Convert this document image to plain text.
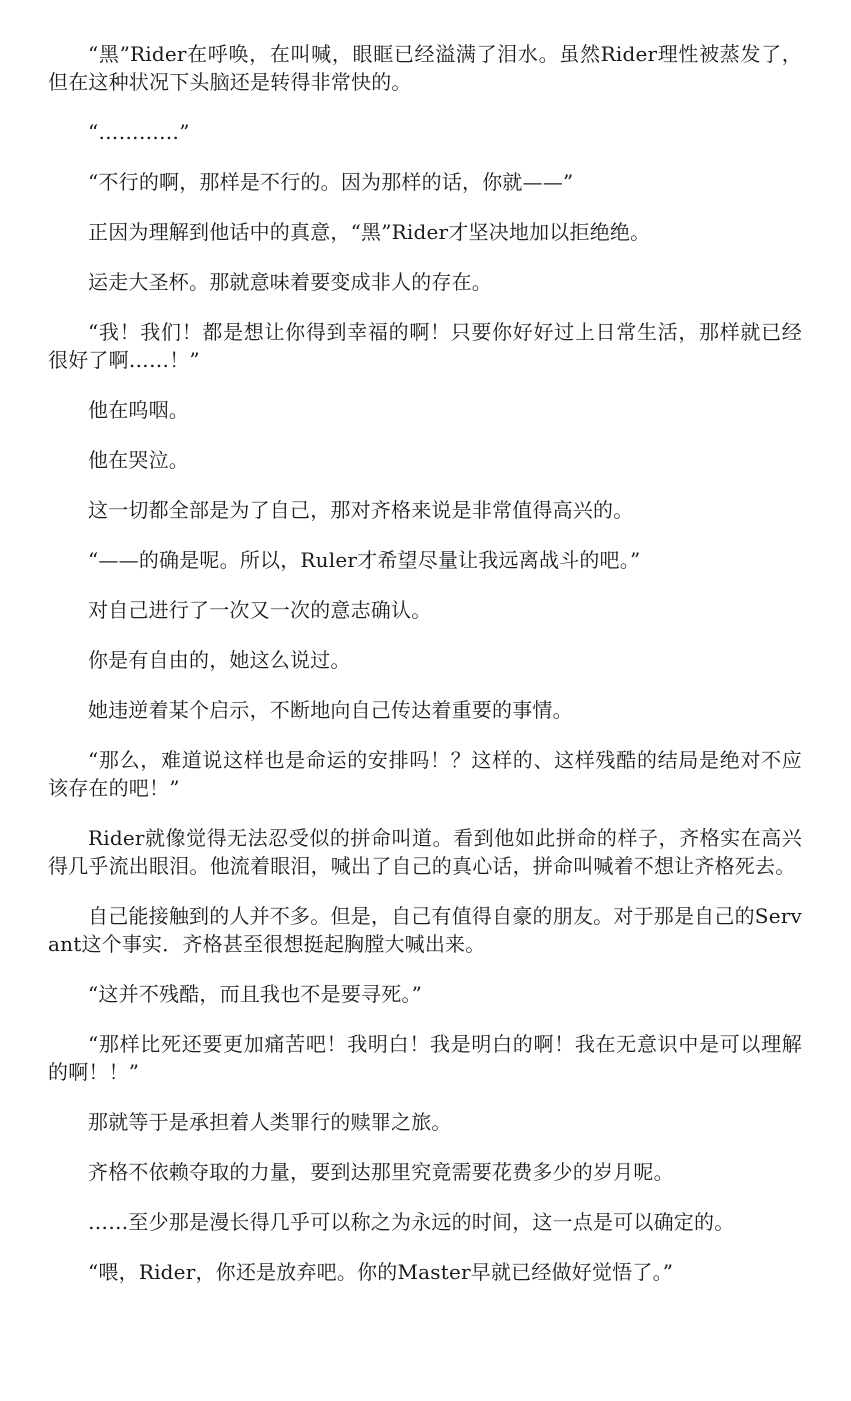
“黑”Rider在呼唤，在叫喊，眼眶已经溢满了泪水。虽然Rider理性被蒸发了，但在这种状况下头脑还是转得非常快的。

“…………”

“不行的啊，那样是不行的。因为那样的话，你就——”

正因为理解到他话中的真意，“黑”Rider才坚决地加以拒绝绝。

运走大圣杯。那就意味着要变成非人的存在。

“我！我们！都是想让你得到幸福的啊！只要你好好过上日常生活，那样就已经很好了啊……！”

他在呜咽。

他在哭泣。

这一切都全部是为了自己，那对齐格来说是非常值得高兴的。

“——的确是呢。所以，Ruler才希望尽量让我远离战斗的吧。”

对自己进行了一次又一次的意志确认。

你是有自由的，她这么说过。

她违逆着某个启示，不断地向自己传达着重要的事情。

“那么，难道说这样也是命运的安排吗！？这样的、这样残酷的结局是绝对不应该存在的吧！”

Rider就像觉得无法忍受似的拼命叫道。看到他如此拼命的样子，齐格实在高兴得几乎流出眼泪。他流着眼泪，喊出了自己的真心话，拼命叫喊着不想让齐格死去。

自己能接触到的人并不多。但是，自己有值得自豪的朋友。对于那是自己的Servant这个事实．齐格甚至很想挺起胸膛大喊出来。

“这并不残酷，而且我也不是要寻死。”

“那样比死还要更加痛苦吧！我明白！我是明白的啊！我在无意识中是可以理解的啊！！”

那就等于是承担着人类罪行的赎罪之旅。

齐格不依赖夺取的力量，要到达那里究竟需要花费多少的岁月呢。

……至少那是漫长得几乎可以称之为永远的时间，这一点是可以确定的。

“喂，Rider，你还是放弃吧。你的Master早就已经做好觉悟了。”
